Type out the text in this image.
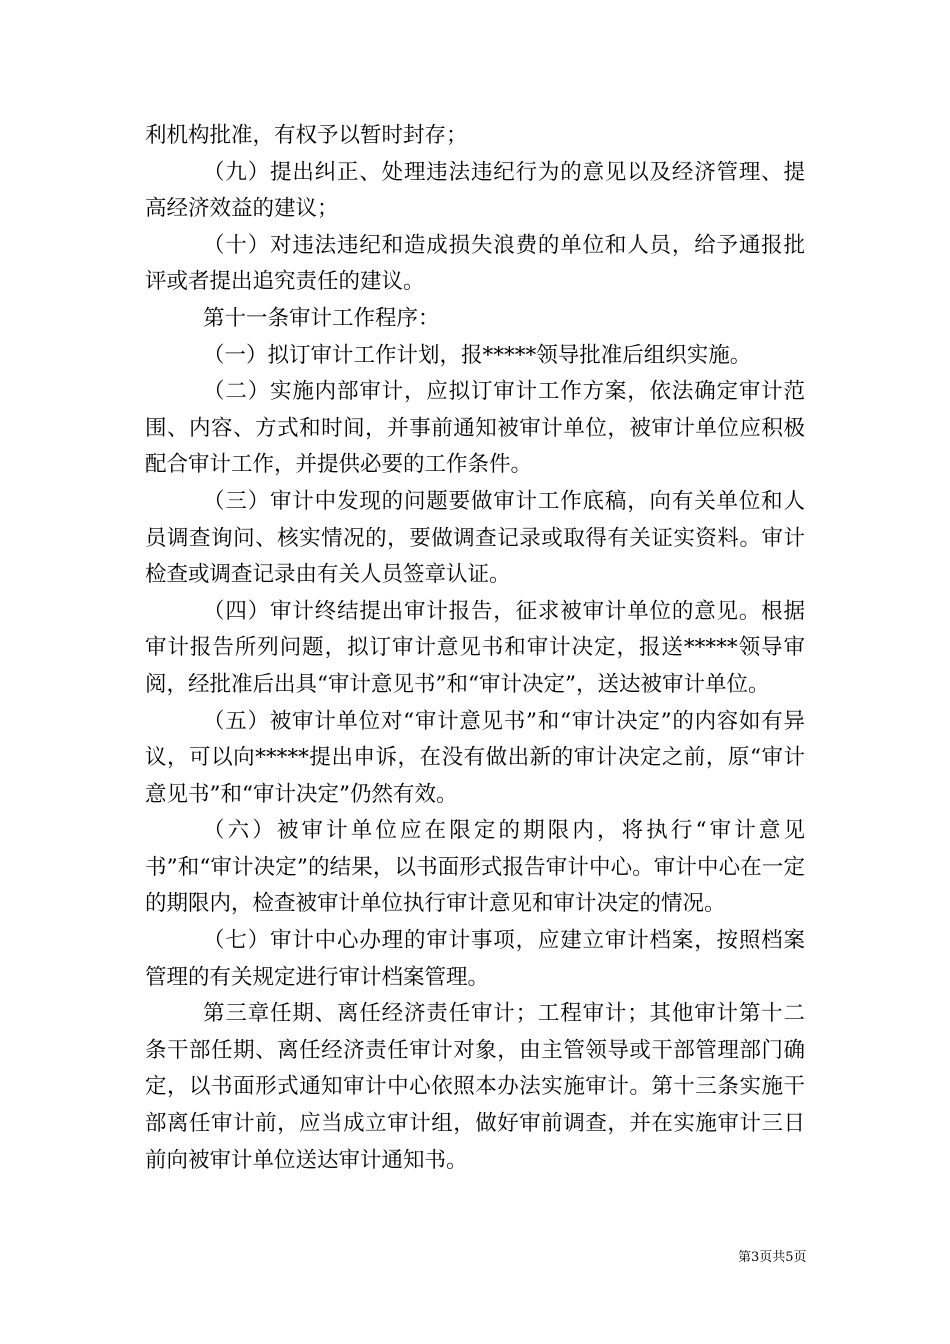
利机构批准，有权予以暂时封存；

（九）提出纠正、处理违法违纪行为的意见以及经济管理、提高经济效益的建议；

（十）对违法违纪和造成损失浪费的单位和人员，给予通报批评或者提出追究责任的建议。

第十一条审计工作程序：

（一）拟订审计工作计划，报*****领导批准后组织实施。

（二）实施内部审计，应拟订审计工作方案，依法确定审计范围、内容、方式和时间，并事前通知被审计单位，被审计单位应积极配合审计工作，并提供必要的工作条件。

（三）审计中发现的问题要做审计工作底稿，向有关单位和人员调查询问、核实情况的，要做调查记录或取得有关证实资料。审计检查或调查记录由有关人员签章认证。

（四）审计终结提出审计报告，征求被审计单位的意见。根据审计报告所列问题，拟订审计意见书和审计决定，报送*****领导审阅，经批准后出具“审计意见书”和“审计决定”，送达被审计单位。

（五）被审计单位对“审计意见书”和“审计决定”的内容如有异议，可以向*****提出申诉，在没有做出新的审计决定之前，原“审计意见书”和“审计决定”仍然有效。

（六）被审计单位应在限定的期限内，将执行“审计意见书”和“审计决定”的结果，以书面形式报告审计中心。审计中心在一定的期限内，检查被审计单位执行审计意见和审计决定的情况。

（七）审计中心办理的审计事项，应建立审计档案，按照档案管理的有关规定进行审计档案管理。

第三章任期、离任经济责任审计；工程审计；其他审计第十二条干部任期、离任经济责任审计对象，由主管领导或干部管理部门确定，以书面形式通知审计中心依照本办法实施审计。第十三条实施干部离任审计前，应当成立审计组，做好审前调查，并在实施审计三日前向被审计单位送达审计通知书。

第3页共5页
